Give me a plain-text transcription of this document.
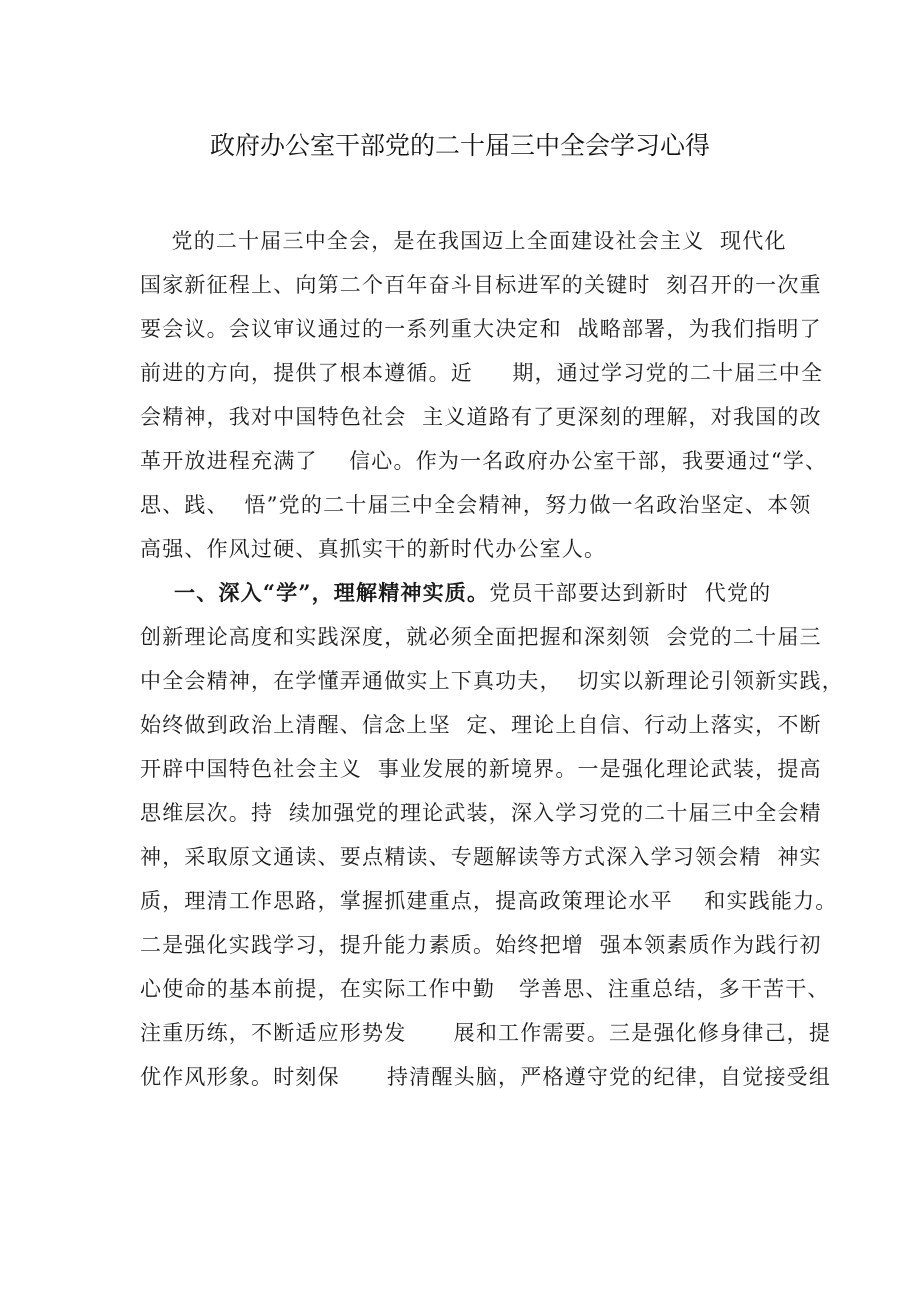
政府办公室干部党的二十届三中全会学习心得
党的二十届三中全会，是在我国迈上全面建设社会主义  现代化
国家新征程上、向第二个百年奋斗目标进军的关键时  刻召开的一次重
要会议。会议审议通过的一系列重大决定和  战略部署，为我们指明了
前进的方向，提供了根本遵循。近     期，通过学习党的二十届三中全
会精神，我对中国特色社会  主义道路有了更深刻的理解，对我国的改
革开放进程充满了    信心。作为一名政府办公室干部，我要通过“学、
思、践、  悟”党的二十届三中全会精神，努力做一名政治坚定、本领
高强、作风过硬、真抓实干的新时代办公室人。
一、深入“学”，理解精神实质。党员干部要达到新时  代党的
创新理论高度和实践深度，就必须全面把握和深刻领  会党的二十届三
中全会精神，在学懂弄通做实上下真功夫，  切实以新理论引领新实践，
始终做到政治上清醒、信念上坚  定、理论上自信、行动上落实，不断
开辟中国特色社会主义  事业发展的新境界。一是强化理论武装，提高
思维层次。持  续加强党的理论武装，深入学习党的二十届三中全会精
神，采取原文通读、要点精读、专题解读等方式深入学习领会精  神实
质，理清工作思路，掌握抓建重点，提高政策理论水平    和实践能力。
二是强化实践学习，提升能力素质。始终把增  强本领素质作为践行初
心使命的基本前提，在实际工作中勤   学善思、注重总结，多干苦干、
注重历练，不断适应形势发      展和工作需要。三是强化修身律己，提
优作风形象。时刻保      持清醒头脑，严格遵守党的纪律，自觉接受组
